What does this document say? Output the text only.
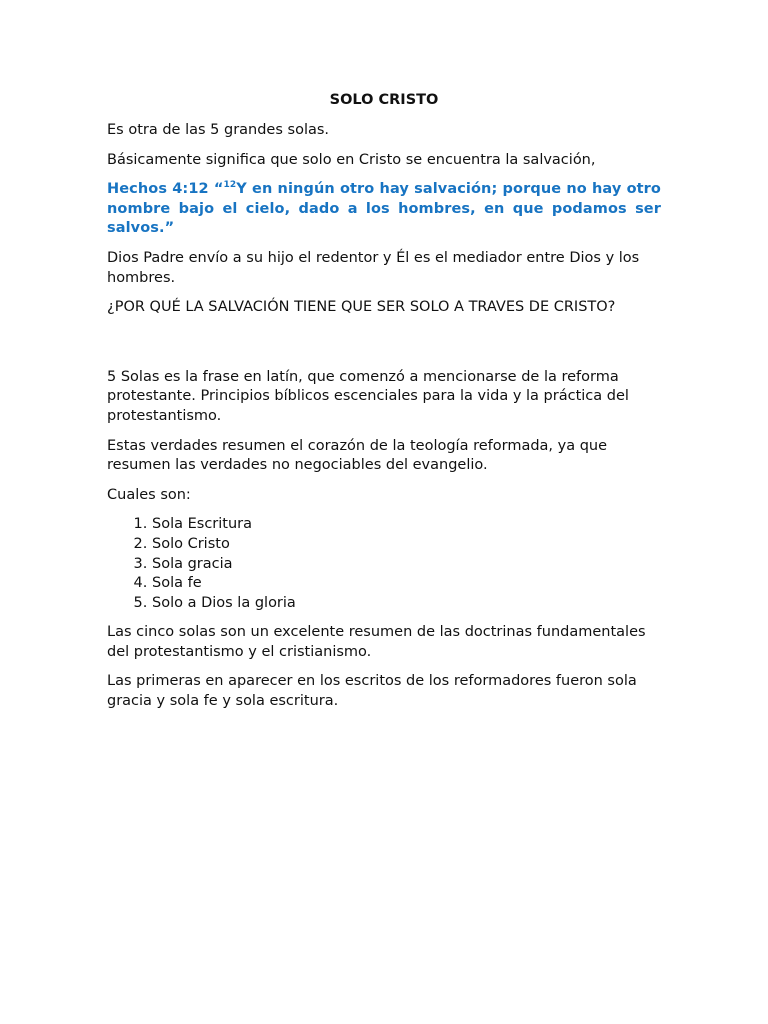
SOLO CRISTO

Es otra de las 5 grandes solas.

Básicamente significa que solo en Cristo se encuentra la salvación,

Hechos 4:12 “$^{12}$Y en ningún otro hay salvación; porque no hay otro nombre bajo el cielo, dado a los hombres, en que podamos ser salvos.”

Dios Padre envío a su hijo el redentor y Él es el mediador entre Dios y los hombres.

¿POR QUÉ LA SALVACIÓN TIENE QUE SER SOLO A TRAVES DE CRISTO?

5 Solas es la frase en latín, que comenzó a mencionarse de la reforma protestante. Principios bíblicos escenciales para la vida y la práctica del protestantismo.

Estas verdades resumen el corazón de la teología reformada, ya que resumen las verdades no negociables del evangelio.

Cuales son:

1. Sola Escritura
2. Solo Cristo
3. Sola gracia
4. Sola fe
5. Solo a Dios la gloria

Las cinco solas son un excelente resumen de las doctrinas fundamentales del protestantismo y el cristianismo.

Las primeras en aparecer en los escritos de los reformadores fueron sola gracia y sola fe y sola escritura.
